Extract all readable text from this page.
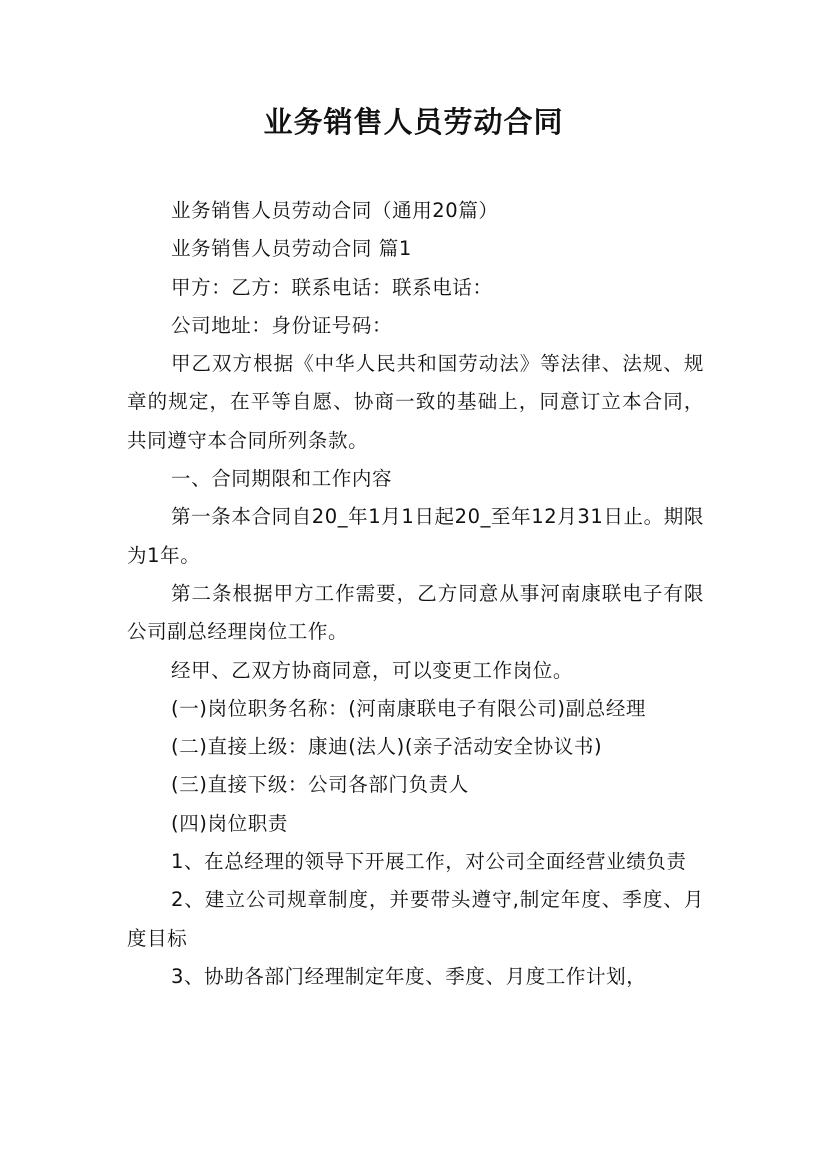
业务销售人员劳动合同

业务销售人员劳动合同（通用20篇）

业务销售人员劳动合同 篇1

甲方：乙方：联系电话：联系电话：

公司地址：身份证号码：

甲乙双方根据《中华人民共和国劳动法》等法律、法规、规章的规定，在平等自愿、协商一致的基础上，同意订立本合同，共同遵守本合同所列条款。

一、合同期限和工作内容

第一条本合同自20_年1月1日起20_至年12月31日止。期限为1年。

第二条根据甲方工作需要，乙方同意从事河南康联电子有限公司副总经理岗位工作。

经甲、乙双方协商同意，可以变更工作岗位。

(一)岗位职务名称：(河南康联电子有限公司)副总经理

(二)直接上级：康迪(法人)(亲子活动安全协议书)

(三)直接下级：公司各部门负责人

(四)岗位职责

1、在总经理的领导下开展工作，对公司全面经营业绩负责

2、建立公司规章制度，并要带头遵守,制定年度、季度、月度目标

3、协助各部门经理制定年度、季度、月度工作计划，
